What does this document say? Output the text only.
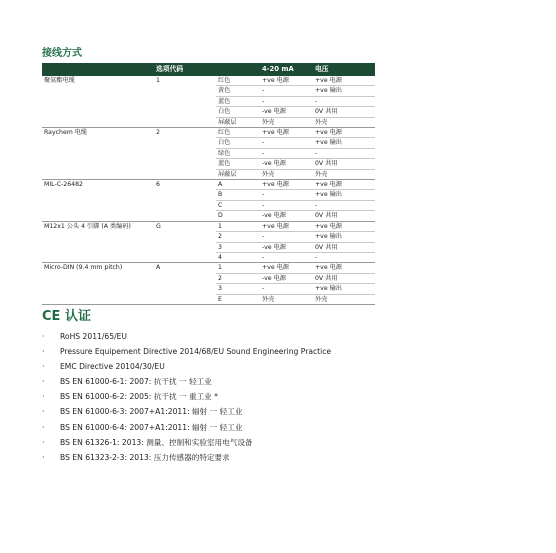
接线方式
	选项代码		4-20 mA	电压
聚氨酯电缆	1	红色	+ve 电源	+ve 电源
		黄色	-	+ve 输出
		蓝色	-	-
		白色	-ve 电源	0V 共用
		屏蔽层	外壳	外壳
Raychem 电缆	2	红色	+ve 电源	+ve 电源
		白色	-	+ve 输出
		绿色	-	-
		蓝色	-ve 电源	0V 共用
		屏蔽层	外壳	外壳
MIL-C-26482	6	A	+ve 电源	+ve 电源
		B	-	+ve 输出
		C	-	-
		D	-ve 电源	0V 共用
M12x1 公头 4 引脚 (A 类编码)	G	1	+ve 电源	+ve 电源
		2	-	+ve 输出
		3	-ve 电源	0V 共用
		4	-	-
Micro-DIN (9.4 mm pitch)	A	1	+ve 电源	+ve 电源
		2	-ve 电源	0V 共用
		3	-	+ve 输出
		E	外壳	外壳
CE 认证
·	RoHS 2011/65/EU
·	Pressure Equipement Directive 2014/68/EU Sound Engineering Practice
·	EMC Directive 20104/30/EU
·	BS EN 61000-6-1: 2007: 抗干扰 一 轻工业
·	BS EN 61000-6-2: 2005: 抗干扰 一 重工业 *
·	BS EN 61000-6-3: 2007+A1:2011: 辐射 一 轻工业
·	BS EN 61000-6-4: 2007+A1:2011: 辐射 一 轻工业
·	BS EN 61326-1: 2013: 测量、控制和实验室用电气设备
·	BS EN 61323-2-3: 2013: 压力传感器的特定要求
